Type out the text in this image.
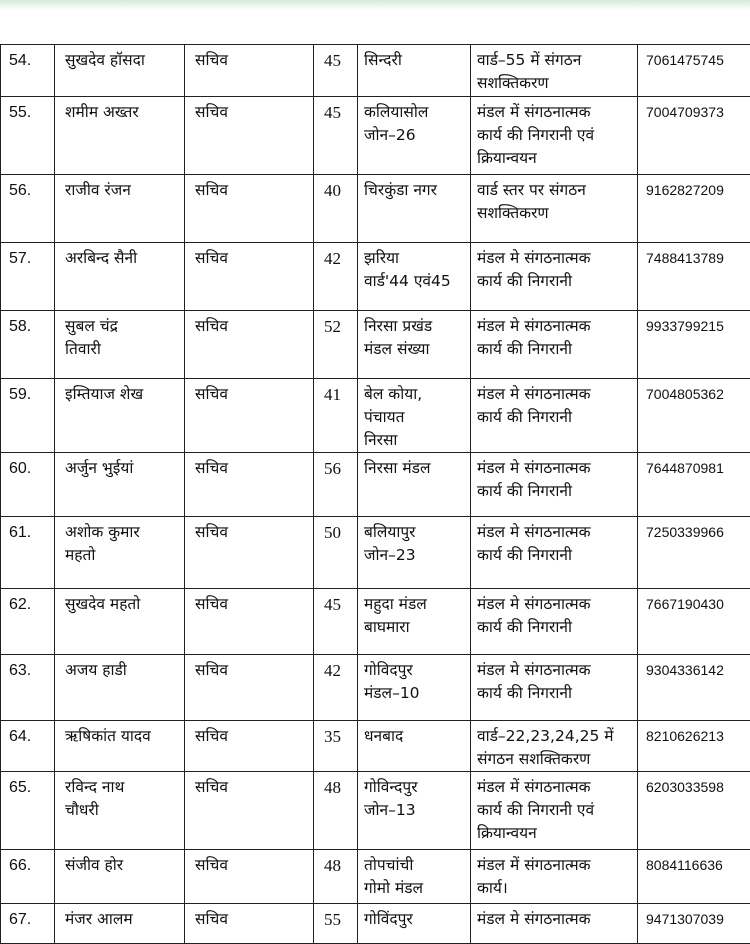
54.	सुखदेव हॉसदा	सचिव	45	सिन्दरी	वार्ड–55 में संगठन
सशक्तिकरण	7061475745
55.	शमीम अख्तर	सचिव	45	कलियासोल
जोन–26	मंडल में संगठनात्मक
कार्य की निगरानी एवं
क्रियान्वयन	7004709373
56.	राजीव रंजन	सचिव	40	चिरकुंडा नगर	वार्ड स्तर पर संगठन
सशक्तिकरण	9162827209
57.	अरबिन्द सैनी	सचिव	42	झरिया
वार्ड'44 एवं45	मंडल मे संगठनात्मक
कार्य की निगरानी	7488413789
58.	सुबल चंद्र
तिवारी	सचिव	52	निरसा प्रखंड
मंडल संख्या	मंडल मे संगठनात्मक
कार्य की निगरानी	9933799215
59.	इम्तियाज शेख	सचिव	41	बेल कोया,
पंचायत
निरसा	मंडल मे संगठनात्मक
कार्य की निगरानी	7004805362
60.	अर्जुन भुईयां	सचिव	56	निरसा मंडल	मंडल मे संगठनात्मक
कार्य की निगरानी	7644870981
61.	अशोक कुमार
महतो	सचिव	50	बलियापुर
जोन–23	मंडल मे संगठनात्मक
कार्य की निगरानी	7250339966
62.	सुखदेव महतो	सचिव	45	महुदा मंडल
बाघमारा	मंडल मे संगठनात्मक
कार्य की निगरानी	7667190430
63.	अजय हाडी	सचिव	42	गोविदपुर
मंडल–10	मंडल मे संगठनात्मक
कार्य की निगरानी	9304336142
64.	ऋषिकांत यादव	सचिव	35	धनबाद	वार्ड–22,23,24,25 में
संगठन सशक्तिकरण	8210626213
65.	रविन्द नाथ
चौधरी	सचिव	48	गोविन्दपुर
जोन–13	मंडल में संगठनात्मक
कार्य की निगरानी एवं
क्रियान्वयन	6203033598
66.	संजीव होर	सचिव	48	तोपचांची
गोमो मंडल	मंडल में संगठनात्मक
कार्य।	8084116636
67.	मंजर आलम	सचिव	55	गोविंदपुर	मंडल मे संगठनात्मक	9471307039
